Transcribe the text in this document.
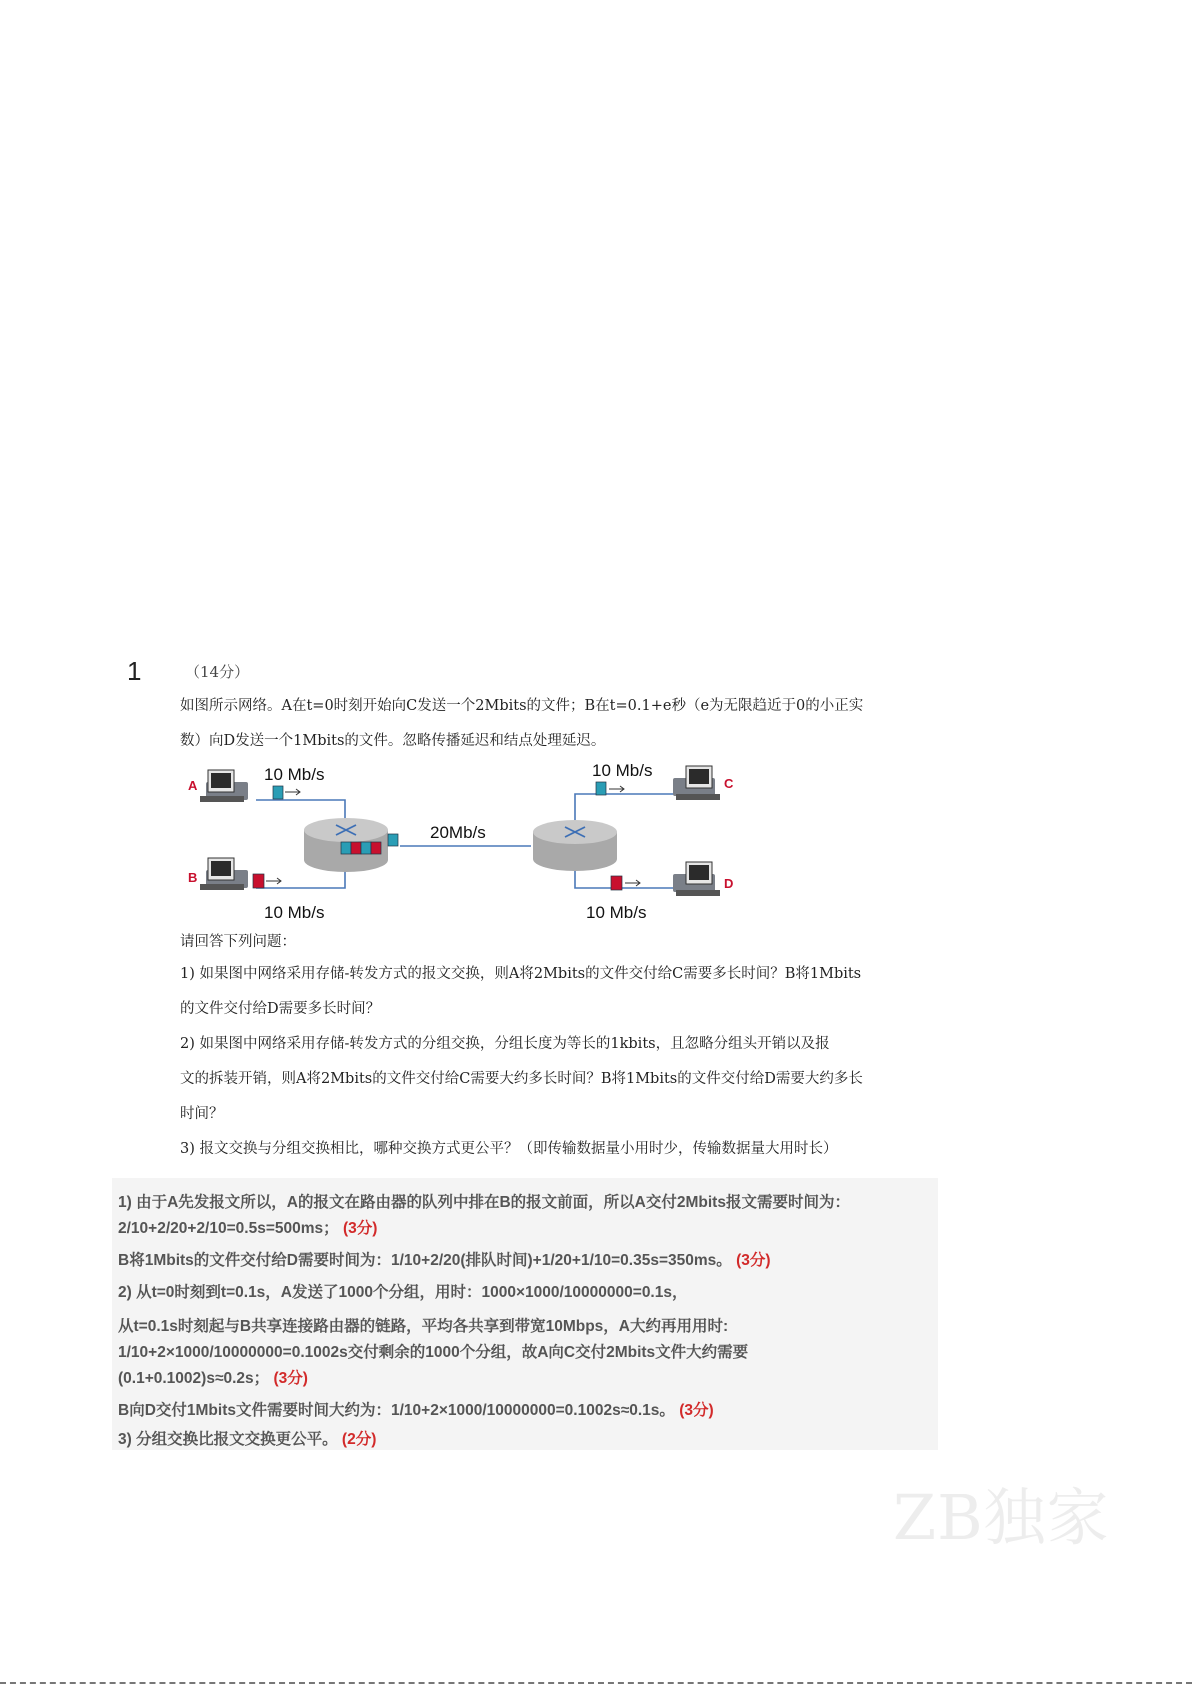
1	（14分）
如图所示网络。A在t=0时刻开始向C发送一个2Mbits的文件；B在t=0.1+e秒（e为无限趋近于0的小正实
数）向D发送一个1Mbits的文件。忽略传播延迟和结点处理延迟。
10 Mb/s
10 Mb/s
10 Mb/s
10 Mb/s
20Mb/s
A
B
C
D
请回答下列问题：
1) 如果图中网络采用存储-转发方式的报文交换，则A将2Mbits的文件交付给C需要多长时间？B将1Mbits
的文件交付给D需要多长时间？
2) 如果图中网络采用存储-转发方式的分组交换，分组长度为等长的1kbits，且忽略分组头开销以及报
文的拆装开销，则A将2Mbits的文件交付给C需要大约多长时间？B将1Mbits的文件交付给D需要大约多长
时间？
3) 报文交换与分组交换相比，哪种交换方式更公平？（即传输数据量小用时少，传输数据量大用时长）
1) 由于A先发报文所以，A的报文在路由器的队列中排在B的报文前面，所以A交付2Mbits报文需要时间为：
2/10+2/20+2/10=0.5s=500ms； (3分)
B将1Mbits的文件交付给D需要时间为：1/10+2/20(排队时间)+1/20+1/10=0.35s=350ms。 (3分)
2) 从t=0时刻到t=0.1s，A发送了1000个分组，用时：1000×1000/10000000=0.1s，
从t=0.1s时刻起与B共享连接路由器的链路，平均各共享到带宽10Mbps，A大约再用用时:
1/10+2×1000/10000000=0.1002s交付剩余的1000个分组，故A向C交付2Mbits文件大约需要
(0.1+0.1002)s≈0.2s； (3分)
B向D交付1Mbits文件需要时间大约为：1/10+2×1000/10000000=0.1002s≈0.1s。 (3分)
3) 分组交换比报文交换更公平。 (2分)
ZB独家
